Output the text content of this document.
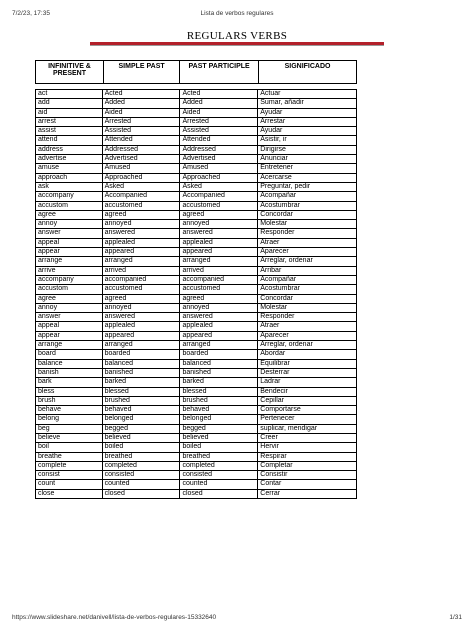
7/2/23, 17:35	Lista de verbos regulares
REGULARS VERBS
INFINITIVE & PRESENT	SIMPLE PAST	PAST PARTICIPLE	SIGNIFICADO
act	Acted	Acted	Actuar
add	Added	Added	Sumar, añadir
aid	Aided	Aided	Ayudar
arrest	Arrested	Arrested	Arrestar
assist	Assisted	Assisted	Ayudar
attend	Attended	Attended	Asistir, ir
address	Addressed	Addressed	Dirigirse
advertise	Advertised	Advertised	Anunciar
amuse	Amused	Amused	Entretener
approach	Approached	Approached	Acercarse
ask	Asked	Asked	Preguntar, pedir
accompany	Accompanied	Accompanied	Acompañar
accustom	accustomed	accustomed	Acostumbrar
agree	agreed	agreed	Concordar
annoy	annoyed	annoyed	Molestar
answer	answered	answered	Responder
appeal	applealed	applealed	Atraer
appear	appeared	appeared	Aparecer
arrange	arranged	arranged	Arreglar, ordenar
arrive	arrived	arrived	Arribar
accompany	accompanied	accompanied	Acompañar
accustom	accustomed	accustomed	Acostumbrar
agree	agreed	agreed	Concordar
annoy	annoyed	annoyed	Molestar
answer	answered	answered	Responder
appeal	applealed	applealed	Atraer
appear	appeared	appeared	Aparecer
arrange	arranged	arranged	Arreglar, ordenar
board	boarded	boarded	Abordar
balance	balanced	balanced	Equilibrar
banish	banished	banished	Desterrar
bark	barked	barked	Ladrar
bless	blessed	blessed	Bendecir
brush	brushed	brushed	Cepillar
behave	behaved	behaved	Comportarse
belong	belonged	belonged	Pertenecer
beg	begged	begged	suplicar, mendigar
believe	believed	believed	Creer
boil	boiled	boiled	Hervir
breathe	breathed	breathed	Respirar
complete	completed	completed	Completar
consist	consisted	consisted	Consistir
count	counted	counted	Contar
close	closed	closed	Cerrar
https://www.slideshare.net/danivell/lista-de-verbos-regulares-15332640	1/31
